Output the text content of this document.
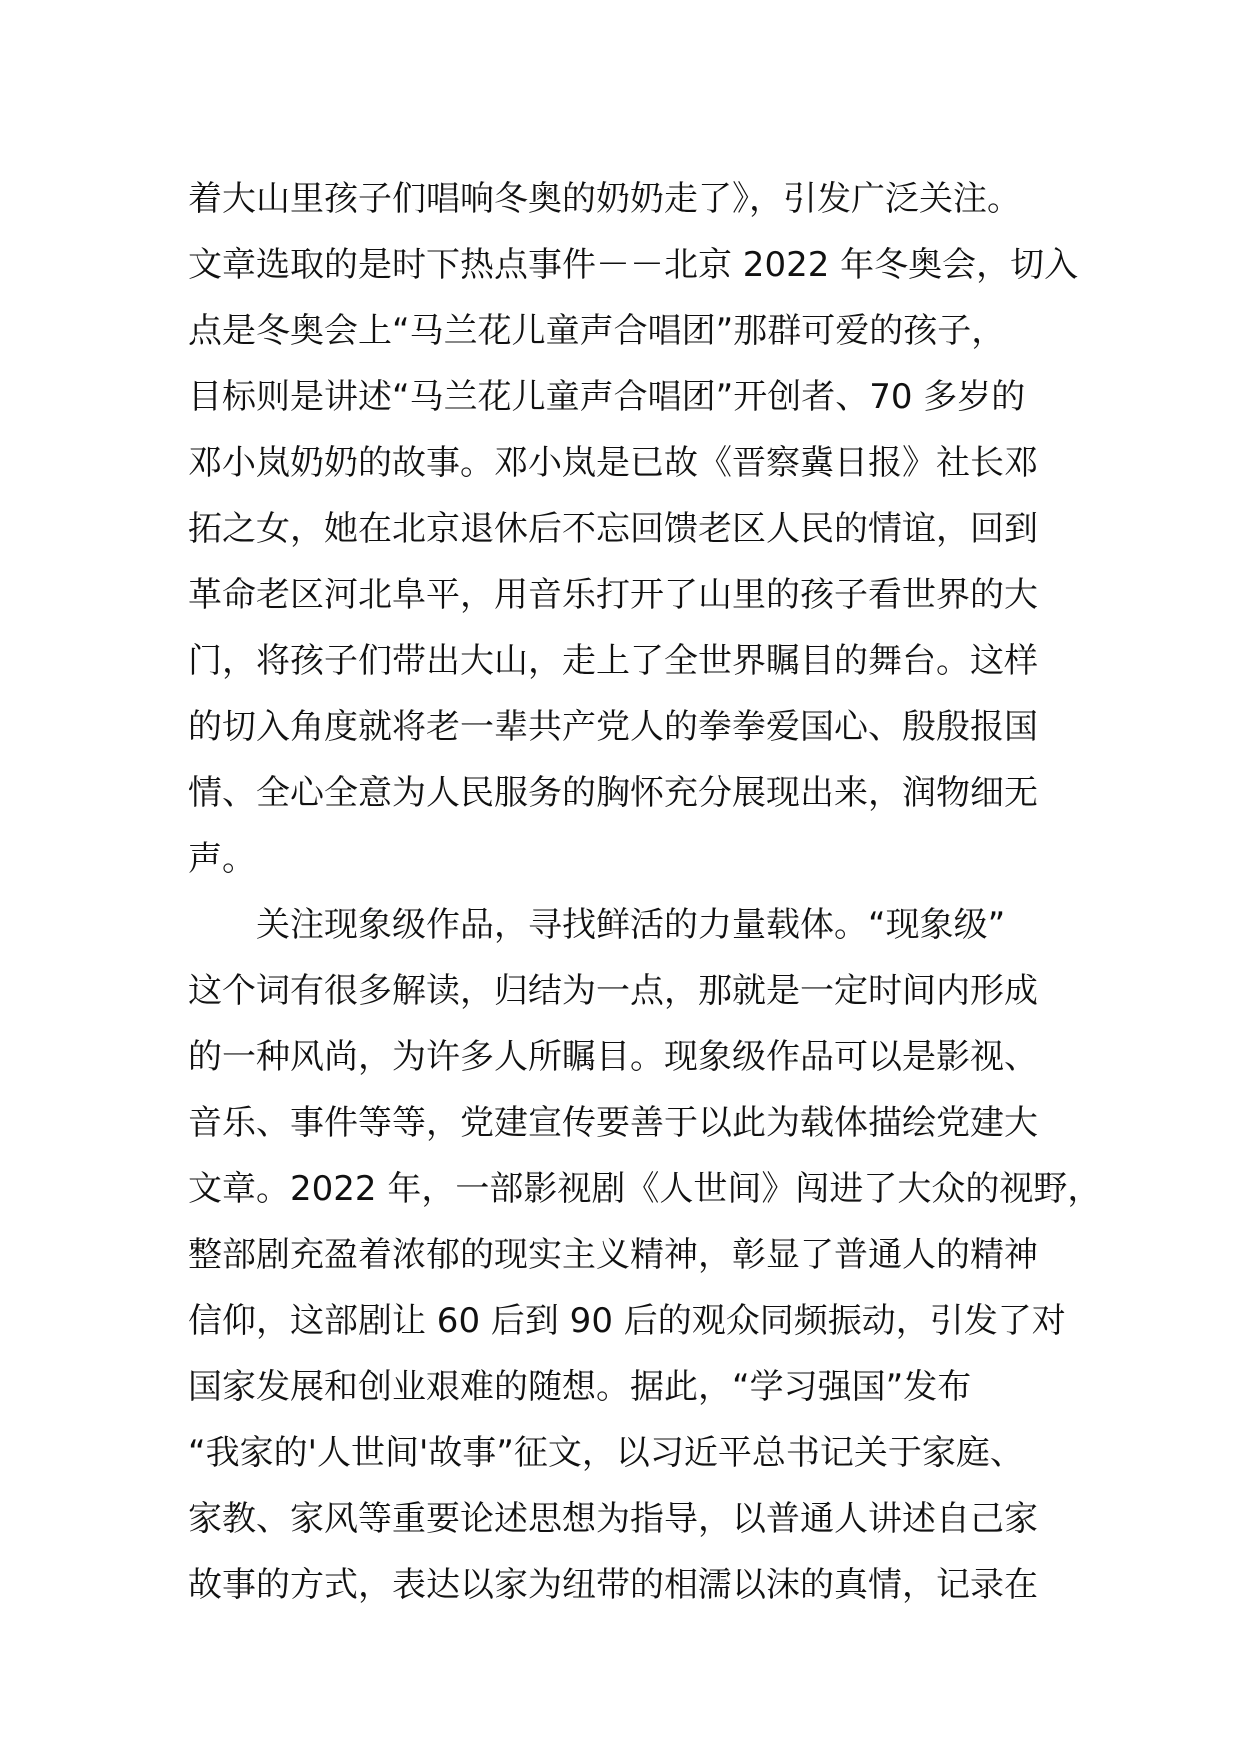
着大山里孩子们唱响冬奥的奶奶走了》，引发广泛关注。
文章选取的是时下热点事件－－北京 2022 年冬奥会，切入
点是冬奥会上“马兰花儿童声合唱团”那群可爱的孩子，
目标则是讲述“马兰花儿童声合唱团”开创者、70 多岁的
邓小岚奶奶的故事。邓小岚是已故《晋察冀日报》社长邓
拓之女，她在北京退休后不忘回馈老区人民的情谊，回到
革命老区河北阜平，用音乐打开了山里的孩子看世界的大
门，将孩子们带出大山，走上了全世界瞩目的舞台。这样
的切入角度就将老一辈共产党人的拳拳爱国心、殷殷报国
情、全心全意为人民服务的胸怀充分展现出来，润物细无
声。
关注现象级作品，寻找鲜活的力量载体。“现象级”
这个词有很多解读，归结为一点，那就是一定时间内形成
的一种风尚，为许多人所瞩目。现象级作品可以是影视、
音乐、事件等等，党建宣传要善于以此为载体描绘党建大
文章。2022 年，一部影视剧《人世间》闯进了大众的视野，
整部剧充盈着浓郁的现实主义精神，彰显了普通人的精神
信仰，这部剧让 60 后到 90 后的观众同频振动，引发了对
国家发展和创业艰难的随想。据此，“学习强国”发布
“我家的'人世间'故事”征文，以习近平总书记关于家庭、
家教、家风等重要论述思想为指导，以普通人讲述自己家
故事的方式，表达以家为纽带的相濡以沫的真情，记录在
